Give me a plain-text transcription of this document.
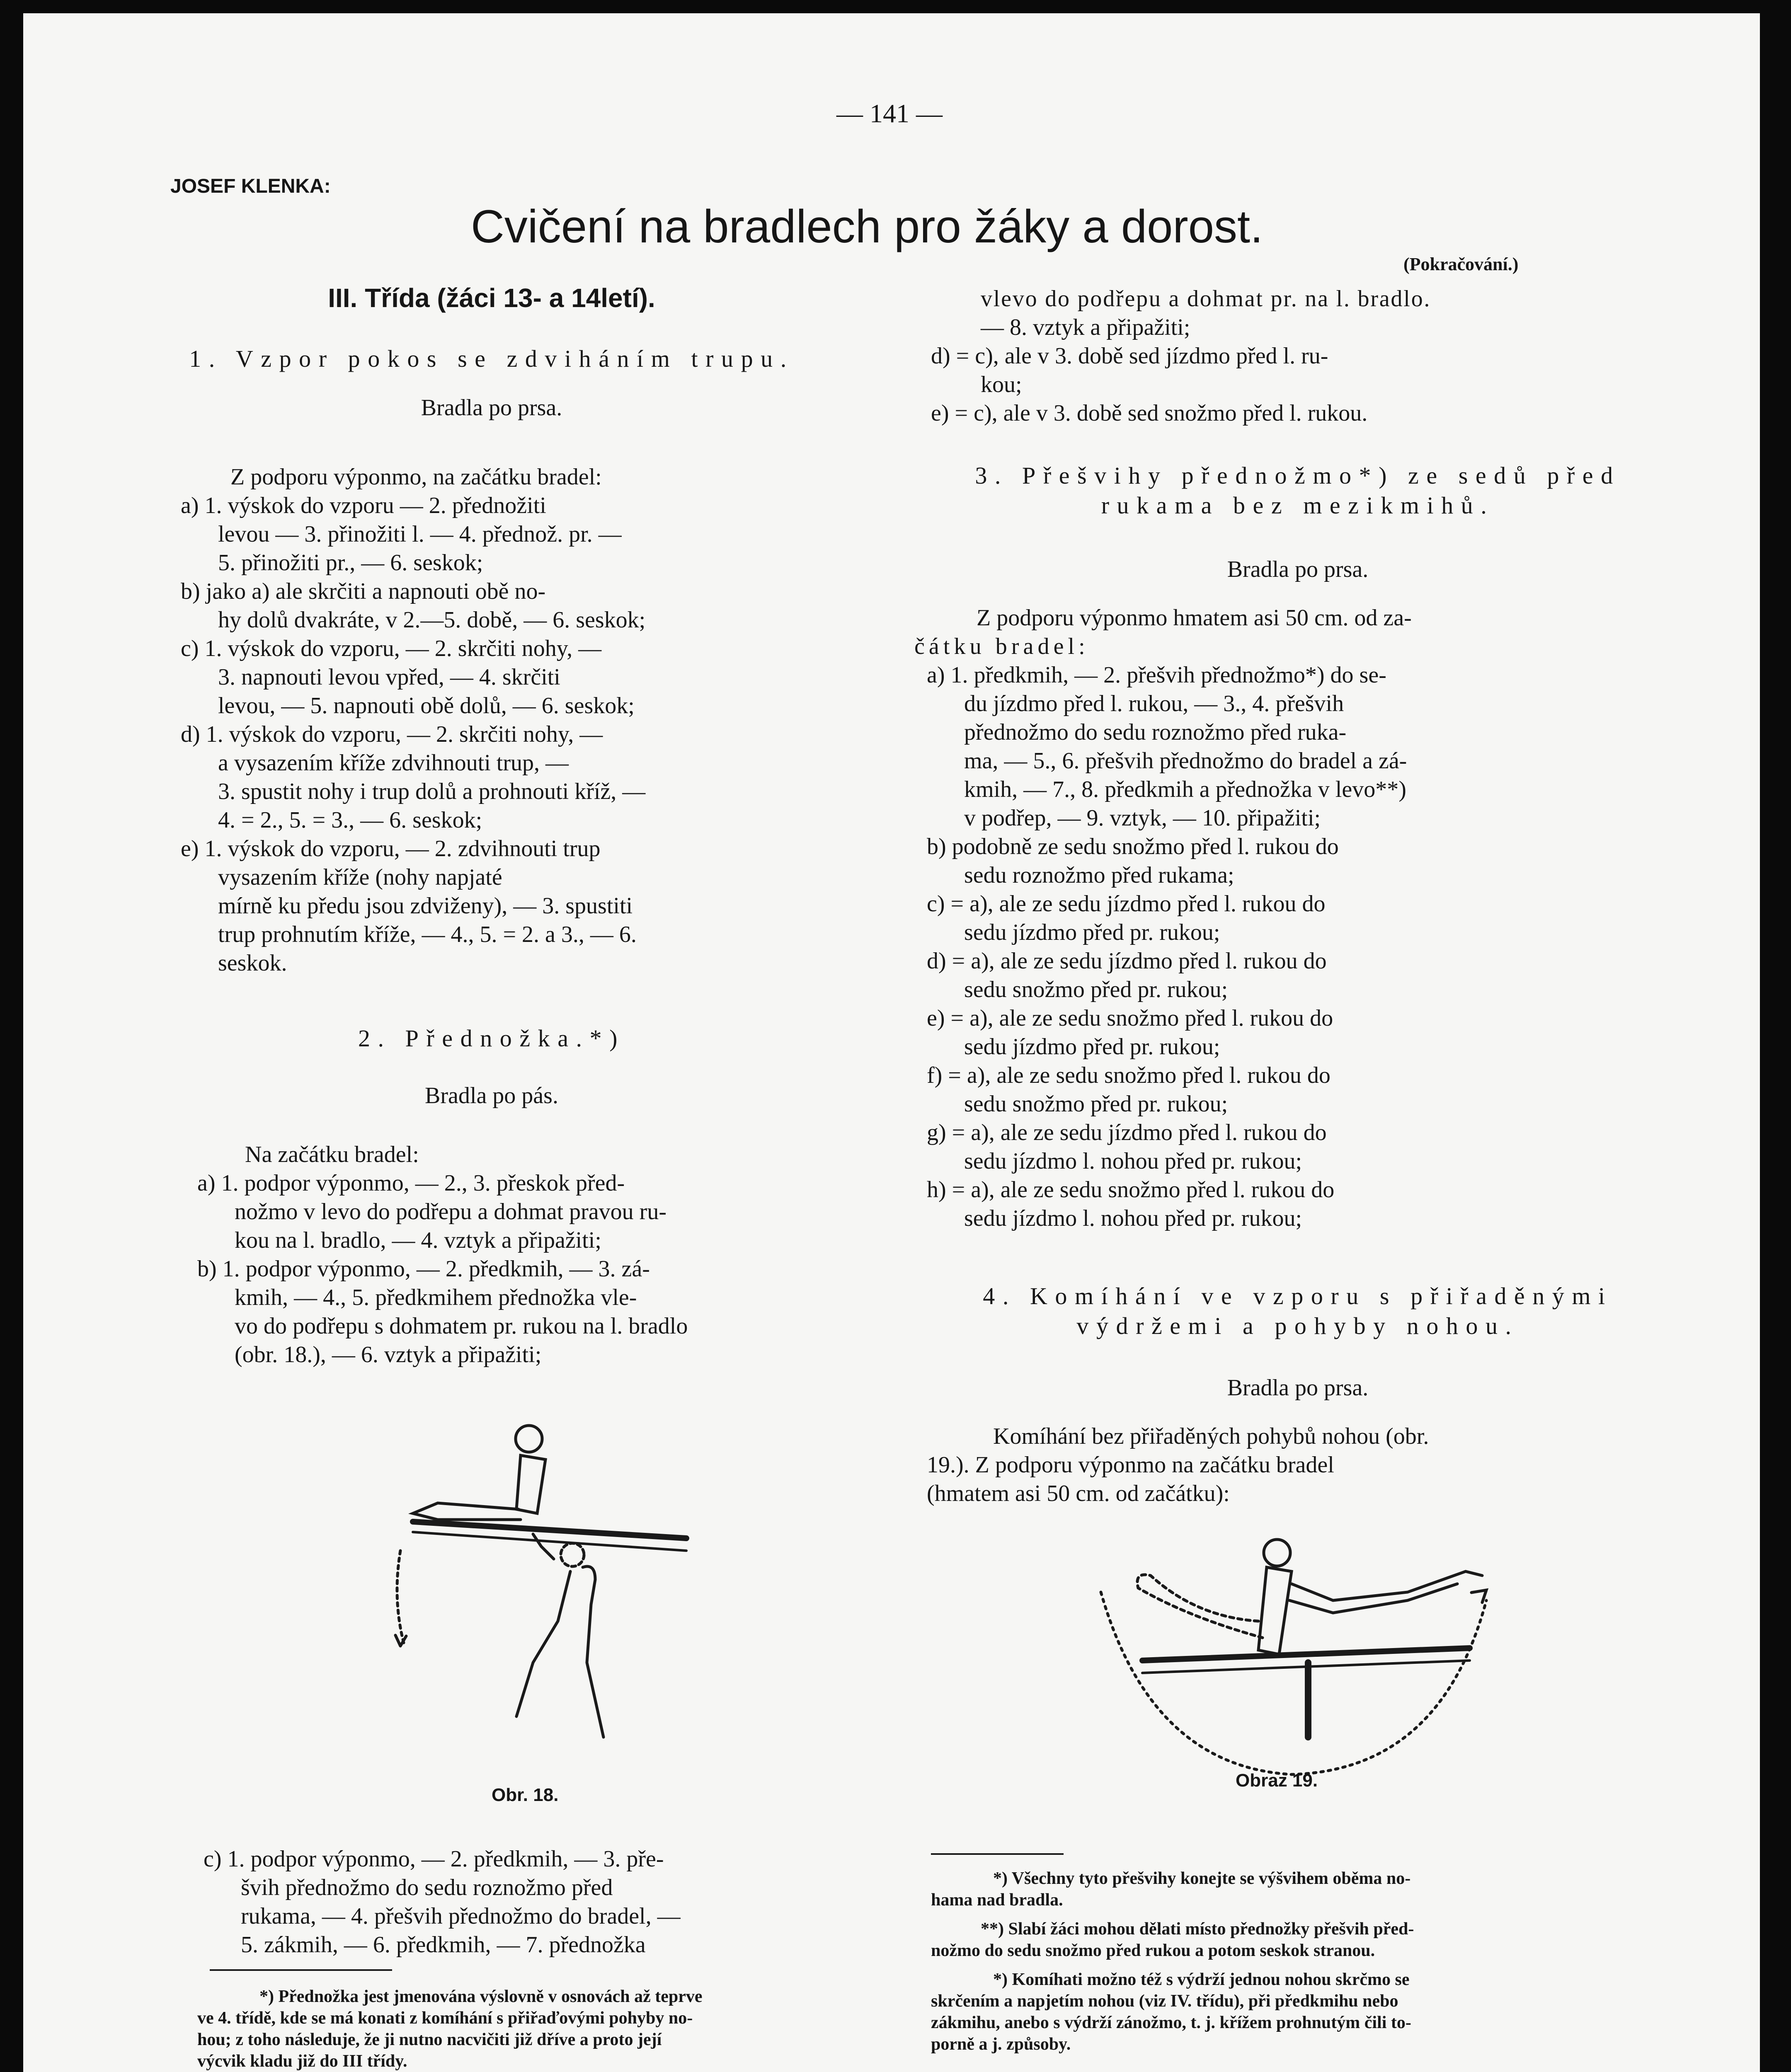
— 141 —
JOSEF KLENKA:
Cvičení na bradlech pro žáky a dorost.
(Pokračování.)
III. Třída (žáci 13- a 14letí).
1. Vzpor pokos se zdviháním trupu.
Bradla po prsa.
Z podporu výponmo, na začátku bradel:
a) 1. výskok do vzporu — 2. přednožiti
levou — 3. přinožiti l. — 4. přednož. pr. —
5. přinožiti pr., — 6. seskok;
b) jako a) ale skrčiti a napnouti obě no-
hy dolů dvakráte, v 2.—5. době, — 6. seskok;
c) 1. výskok do vzporu, — 2. skrčiti nohy, —
3. napnouti levou vpřed, — 4. skrčiti
levou, — 5. napnouti obě dolů, — 6. seskok;
d) 1. výskok do vzporu, — 2. skrčiti nohy, —
a vysazením kříže zdvihnouti trup, —
3. spustit nohy i trup dolů a prohnouti kříž, —
4. = 2., 5. = 3., — 6. seskok;
e) 1. výskok do vzporu, — 2. zdvihnouti trup
vysazením kříže (nohy napjaté
mírně ku předu jsou zdviženy), — 3. spustiti
trup prohnutím kříže, — 4., 5. = 2. a 3., — 6.
seskok.
2. Přednožka.*)
Bradla po pás.
Na začátku bradel:
a) 1. podpor výponmo, — 2., 3. přeskok před-
nožmo v levo do podřepu a dohmat pravou ru-
kou na l. bradlo, — 4. vztyk a připažiti;
b) 1. podpor výponmo, — 2. předkmih, — 3. zá-
kmih, — 4., 5. předkmihem přednožka vle-
vo do podřepu s dohmatem pr. rukou na l. bradlo
(obr. 18.), — 6. vztyk a připažiti;
Obr. 18.
c) 1. podpor výponmo, — 2. předkmih, — 3. pře-
švih přednožmo do sedu roznožmo před
rukama, — 4. přešvih přednožmo do bradel, —
5. zákmih, — 6. předkmih, — 7. přednožka
*) Přednožka jest jmenována výslovně v osnovách až teprve
ve 4. třídě, kde se má konati z komíhání s přiřaďovými pohyby no-
hou; z toho následuje, že ji nutno nacvičiti již dříve a proto její
výcvik kladu již do III třídy.
vlevo do podřepu a dohmat pr. na l. bradlo.
— 8. vztyk a připažiti;
d) = c), ale v 3. době sed jízdmo před l. ru-
kou;
e) = c), ale v 3. době sed snožmo před l. rukou.
3. Přešvihy přednožmo*) ze sedů před
rukama bez mezikmihů.
Bradla po prsa.
Z podporu výponmo hmatem asi 50 cm. od za-
čátku bradel:
a) 1. předkmih, — 2. přešvih přednožmo*) do se-
du jízdmo před l. rukou, — 3., 4. přešvih
přednožmo do sedu roznožmo před ruka-
ma, — 5., 6. přešvih přednožmo do bradel a zá-
kmih, — 7., 8. předkmih a přednožka v levo**)
v podřep, — 9. vztyk, — 10. připažiti;
b) podobně ze sedu snožmo před l. rukou do
sedu roznožmo před rukama;
c) = a), ale ze sedu jízdmo před l. rukou do
sedu jízdmo před pr. rukou;
d) = a), ale ze sedu jízdmo před l. rukou do
sedu snožmo před pr. rukou;
e) = a), ale ze sedu snožmo před l. rukou do
sedu jízdmo před pr. rukou;
f) = a), ale ze sedu snožmo před l. rukou do
sedu snožmo před pr. rukou;
g) = a), ale ze sedu jízdmo před l. rukou do
sedu jízdmo l. nohou před pr. rukou;
h) = a), ale ze sedu snožmo před l. rukou do
sedu jízdmo l. nohou před pr. rukou;
4. Komíhání ve vzporu s přiřaděnými
výdržemi a pohyby nohou.
Bradla po prsa.
Komíhání bez přiřaděných pohybů nohou (obr.
19.). Z podporu výponmo na začátku bradel
(hmatem asi 50 cm. od začátku):
Obraz 19.
*) Všechny tyto přešvihy konejte se výšvihem oběma no-
hama nad bradla.
**) Slabí žáci mohou dělati místo přednožky přešvih před-
nožmo do sedu snožmo před rukou a potom seskok stranou.
*) Komíhati možno též s výdrží jednou nohou skrčmo se
skrčením a napjetím nohou (viz IV. třídu), při předkmihu nebo
zákmihu, anebo s výdrží zánožmo, t. j. křížem prohnutým čili to-
porně a j. způsoby.
